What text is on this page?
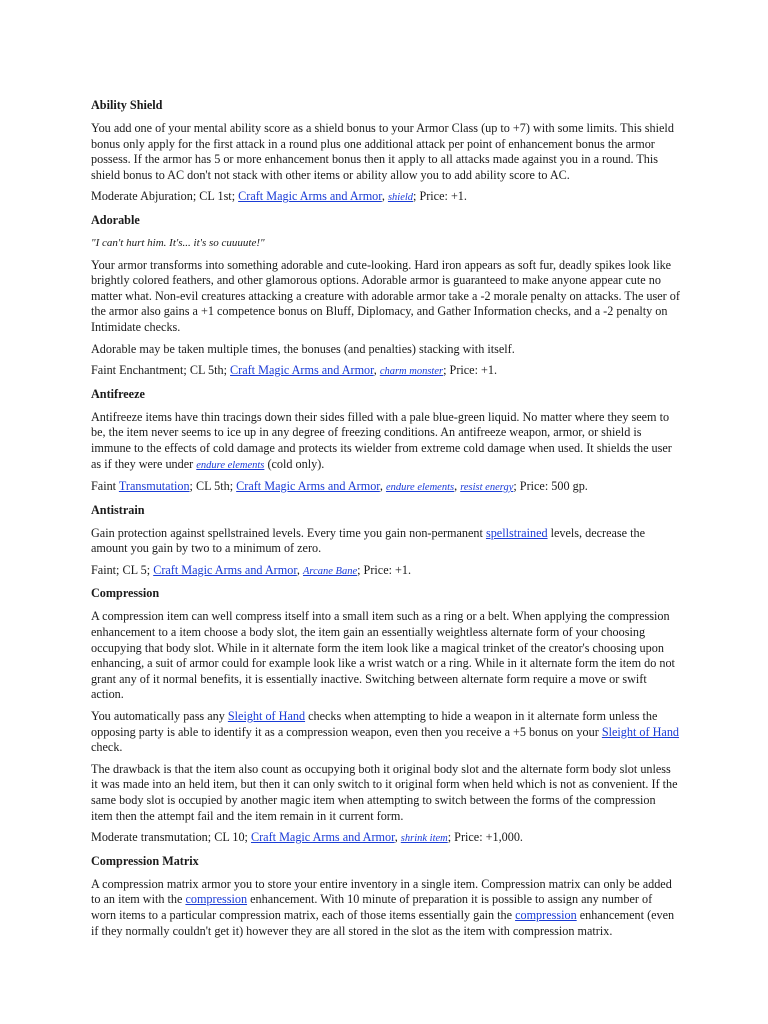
Ability Shield

You add one of your mental ability score as a shield bonus to your Armor Class (up to +7) with some limits. This shield bonus only apply for the first attack in a round plus one additional attack per point of enhancement bonus the armor possess. If the armor has 5 or more enhancement bonus then it apply to all attacks made against you in a round. This shield bonus to AC don't not stack with other items or ability allow you to add ability score to AC.

Moderate Abjuration; CL 1st; Craft Magic Arms and Armor, shield; Price: +1.

Adorable

"I can't hurt him. It's... it's so cuuuute!"

Your armor transforms into something adorable and cute-looking. Hard iron appears as soft fur, deadly spikes look like brightly colored feathers, and other glamorous options. Adorable armor is guaranteed to make anyone appear cute no matter what. Non-evil creatures attacking a creature with adorable armor take a -2 morale penalty on attacks. The user of the armor also gains a +1 competence bonus on Bluff, Diplomacy, and Gather Information checks, and a -2 penalty on Intimidate checks.

Adorable may be taken multiple times, the bonuses (and penalties) stacking with itself.

Faint Enchantment; CL 5th; Craft Magic Arms and Armor, charm monster; Price: +1.

Antifreeze

Antifreeze items have thin tracings down their sides filled with a pale blue-green liquid. No matter where they seem to be, the item never seems to ice up in any degree of freezing conditions. An antifreeze weapon, armor, or shield is immune to the effects of cold damage and protects its wielder from extreme cold damage when used. It shields the user as if they were under endure elements (cold only).

Faint Transmutation; CL 5th; Craft Magic Arms and Armor, endure elements, resist energy; Price: 500 gp.

Antistrain

Gain protection against spellstrained levels. Every time you gain non-permanent spellstrained levels, decrease the amount you gain by two to a minimum of zero.

Faint; CL 5; Craft Magic Arms and Armor, Arcane Bane; Price: +1.

Compression

A compression item can well compress itself into a small item such as a ring or a belt. When applying the compression enhancement to a item choose a body slot, the item gain an essentially weightless alternate form of your choosing occupying that body slot. While in it alternate form the item look like a magical trinket of the creator's choosing upon enhancing, a suit of armor could for example look like a wrist watch or a ring. While in it alternate form the item do not grant any of it normal benefits, it is essentially inactive. Switching between alternate form require a move or swift action.

You automatically pass any Sleight of Hand checks when attempting to hide a weapon in it alternate form unless the opposing party is able to identify it as a compression weapon, even then you receive a +5 bonus on your Sleight of Hand check.

The drawback is that the item also count as occupying both it original body slot and the alternate form body slot unless it was made into an held item, but then it can only switch to it original form when held which is not as convenient. If the same body slot is occupied by another magic item when attempting to switch between the forms of the compression item then the attempt fail and the item remain in it current form.

Moderate transmutation; CL 10; Craft Magic Arms and Armor, shrink item; Price: +1,000.

Compression Matrix

A compression matrix armor you to store your entire inventory in a single item. Compression matrix can only be added to an item with the compression enhancement. With 10 minute of preparation it is possible to assign any number of worn items to a particular compression matrix, each of those items essentially gain the compression enhancement (even if they normally couldn't get it) however they are all stored in the slot as the item with compression matrix.
